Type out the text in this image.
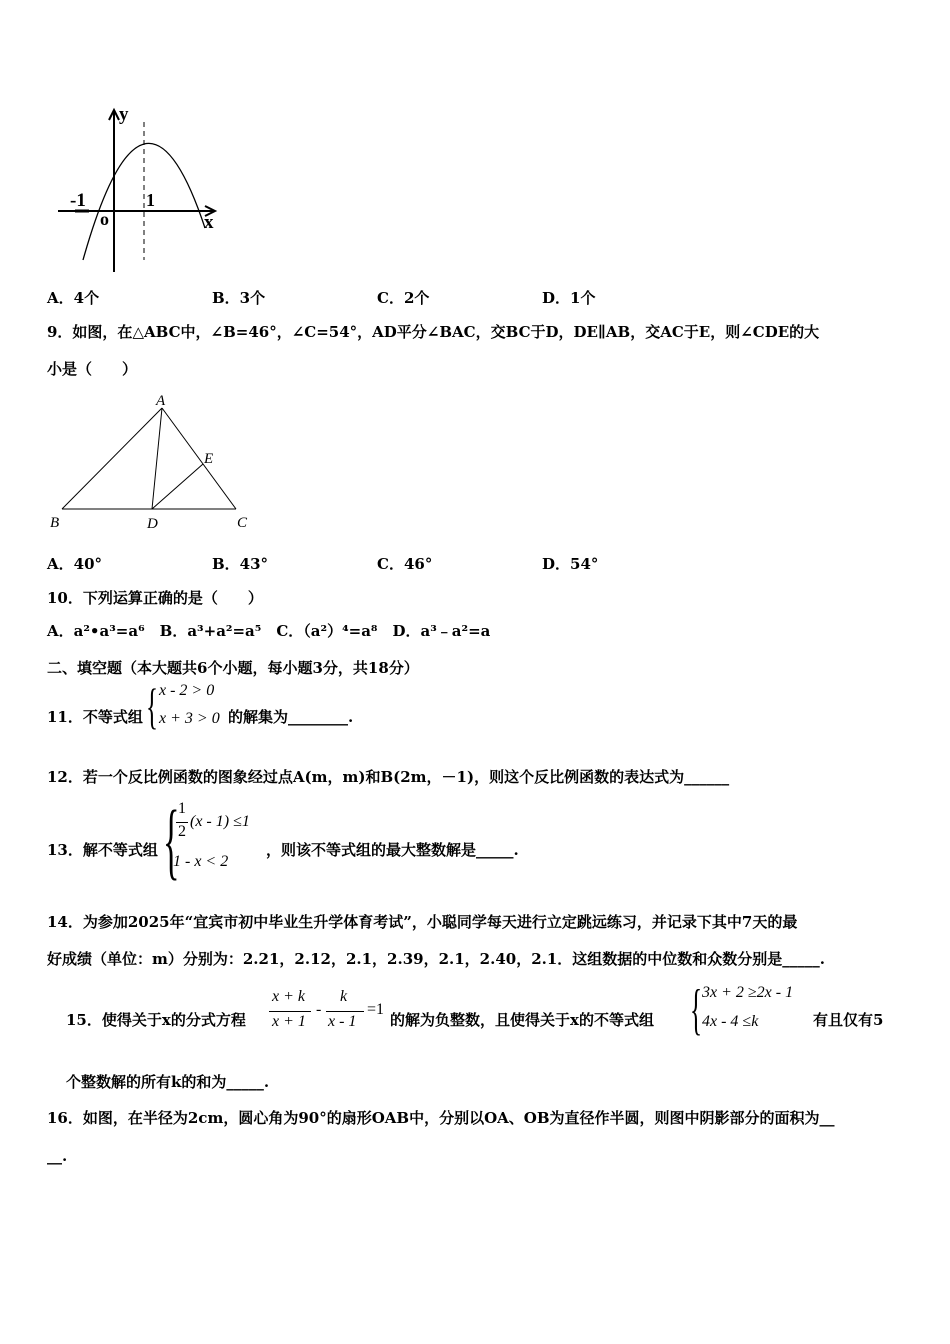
y
x
-1	1
o
A．4个	B．3个	C．2个	D．1个
9．如图，在△ABC中，∠B=46°，∠C=54°，AD平分∠BAC，交BC于D，DE∥AB，交AC于E，则∠CDE的大
小是（　　）
A
B	C
D
E
A．40°	B．43°	C．46°	D．54°
10．下列运算正确的是（　　）
A．a²•a³=a⁶　B．a³+a²=a⁵　C．（a²）⁴=a⁸　D．a³﹣a²=a
二、填空题（本大题共6个小题，每小题3分，共18分）
11．不等式组 { x - 2 > 0
x + 3 > 0 的解集为________.
12．若一个反比例函数的图象经过点A(m，m)和B(2m，－1)，则这个反比例函数的表达式为______
13．解不等式组 {
1
2
(x - 1) ≤1
1 - x < 2
，则该不等式组的最大整数解是_____.
14．为参加2025年“宜宾市初中毕业生升学体育考试”，小聪同学每天进行立定跳远练习，并记录下其中7天的最
好成绩（单位：m）分别为：2.21，2.12，2.1，2.39，2.1，2.40，2.1．这组数据的中位数和众数分别是_____.
15．使得关于x的分式方程
x + k
x + 1
-
k
x - 1
=1
的解为负整数，且使得关于x的不等式组 { 3x + 2 ≥2x - 1
4x - 4 ≤k	有且仅有5
个整数解的所有k的和为_____.
16．如图，在半径为2cm，圆心角为90°的扇形OAB中，分别以OA、OB为直径作半圆，则图中阴影部分的面积为__
__.
